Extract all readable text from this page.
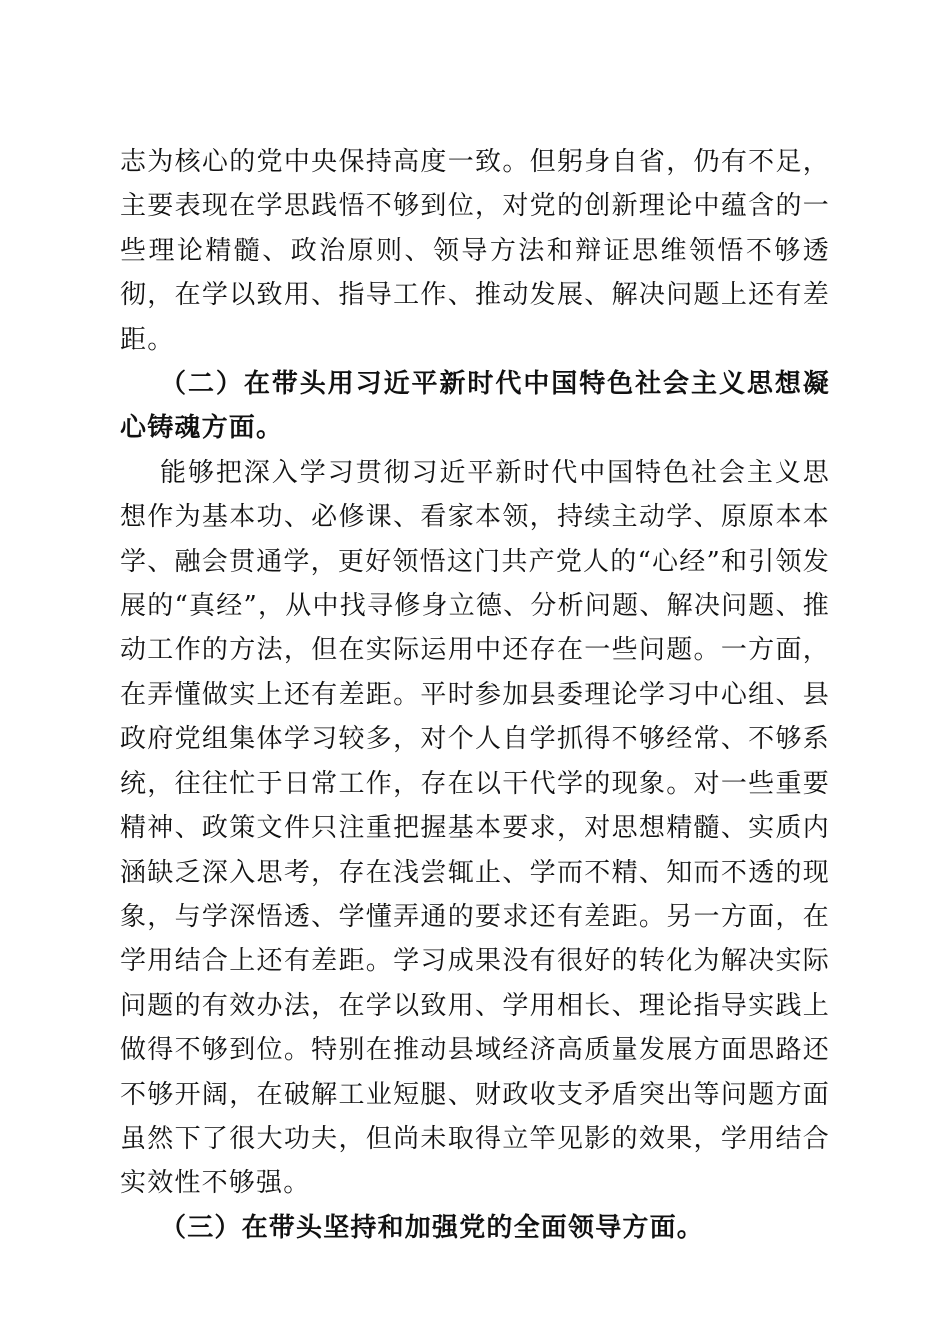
志为核心的党中央保持高度一致。但躬身自省，仍有不足，主要表现在学思践悟不够到位，对党的创新理论中蕴含的一些理论精髓、政治原则、领导方法和辩证思维领悟不够透彻，在学以致用、指导工作、推动发展、解决问题上还有差距。

（二）在带头用习近平新时代中国特色社会主义思想凝心铸魂方面。

能够把深入学习贯彻习近平新时代中国特色社会主义思想作为基本功、必修课、看家本领，持续主动学、原原本本学、融会贯通学，更好领悟这门共产党人的“心经”和引领发展的“真经”，从中找寻修身立德、分析问题、解决问题、推动工作的方法，但在实际运用中还存在一些问题。一方面，在弄懂做实上还有差距。平时参加县委理论学习中心组、县政府党组集体学习较多，对个人自学抓得不够经常、不够系统，往往忙于日常工作，存在以干代学的现象。对一些重要精神、政策文件只注重把握基本要求，对思想精髓、实质内涵缺乏深入思考，存在浅尝辄止、学而不精、知而不透的现象，与学深悟透、学懂弄通的要求还有差距。另一方面，在学用结合上还有差距。学习成果没有很好的转化为解决实际问题的有效办法，在学以致用、学用相长、理论指导实践上做得不够到位。特别在推动县域经济高质量发展方面思路还不够开阔，在破解工业短腿、财政收支矛盾突出等问题方面虽然下了很大功夫，但尚未取得立竿见影的效果，学用结合实效性不够强。

（三）在带头坚持和加强党的全面领导方面。
